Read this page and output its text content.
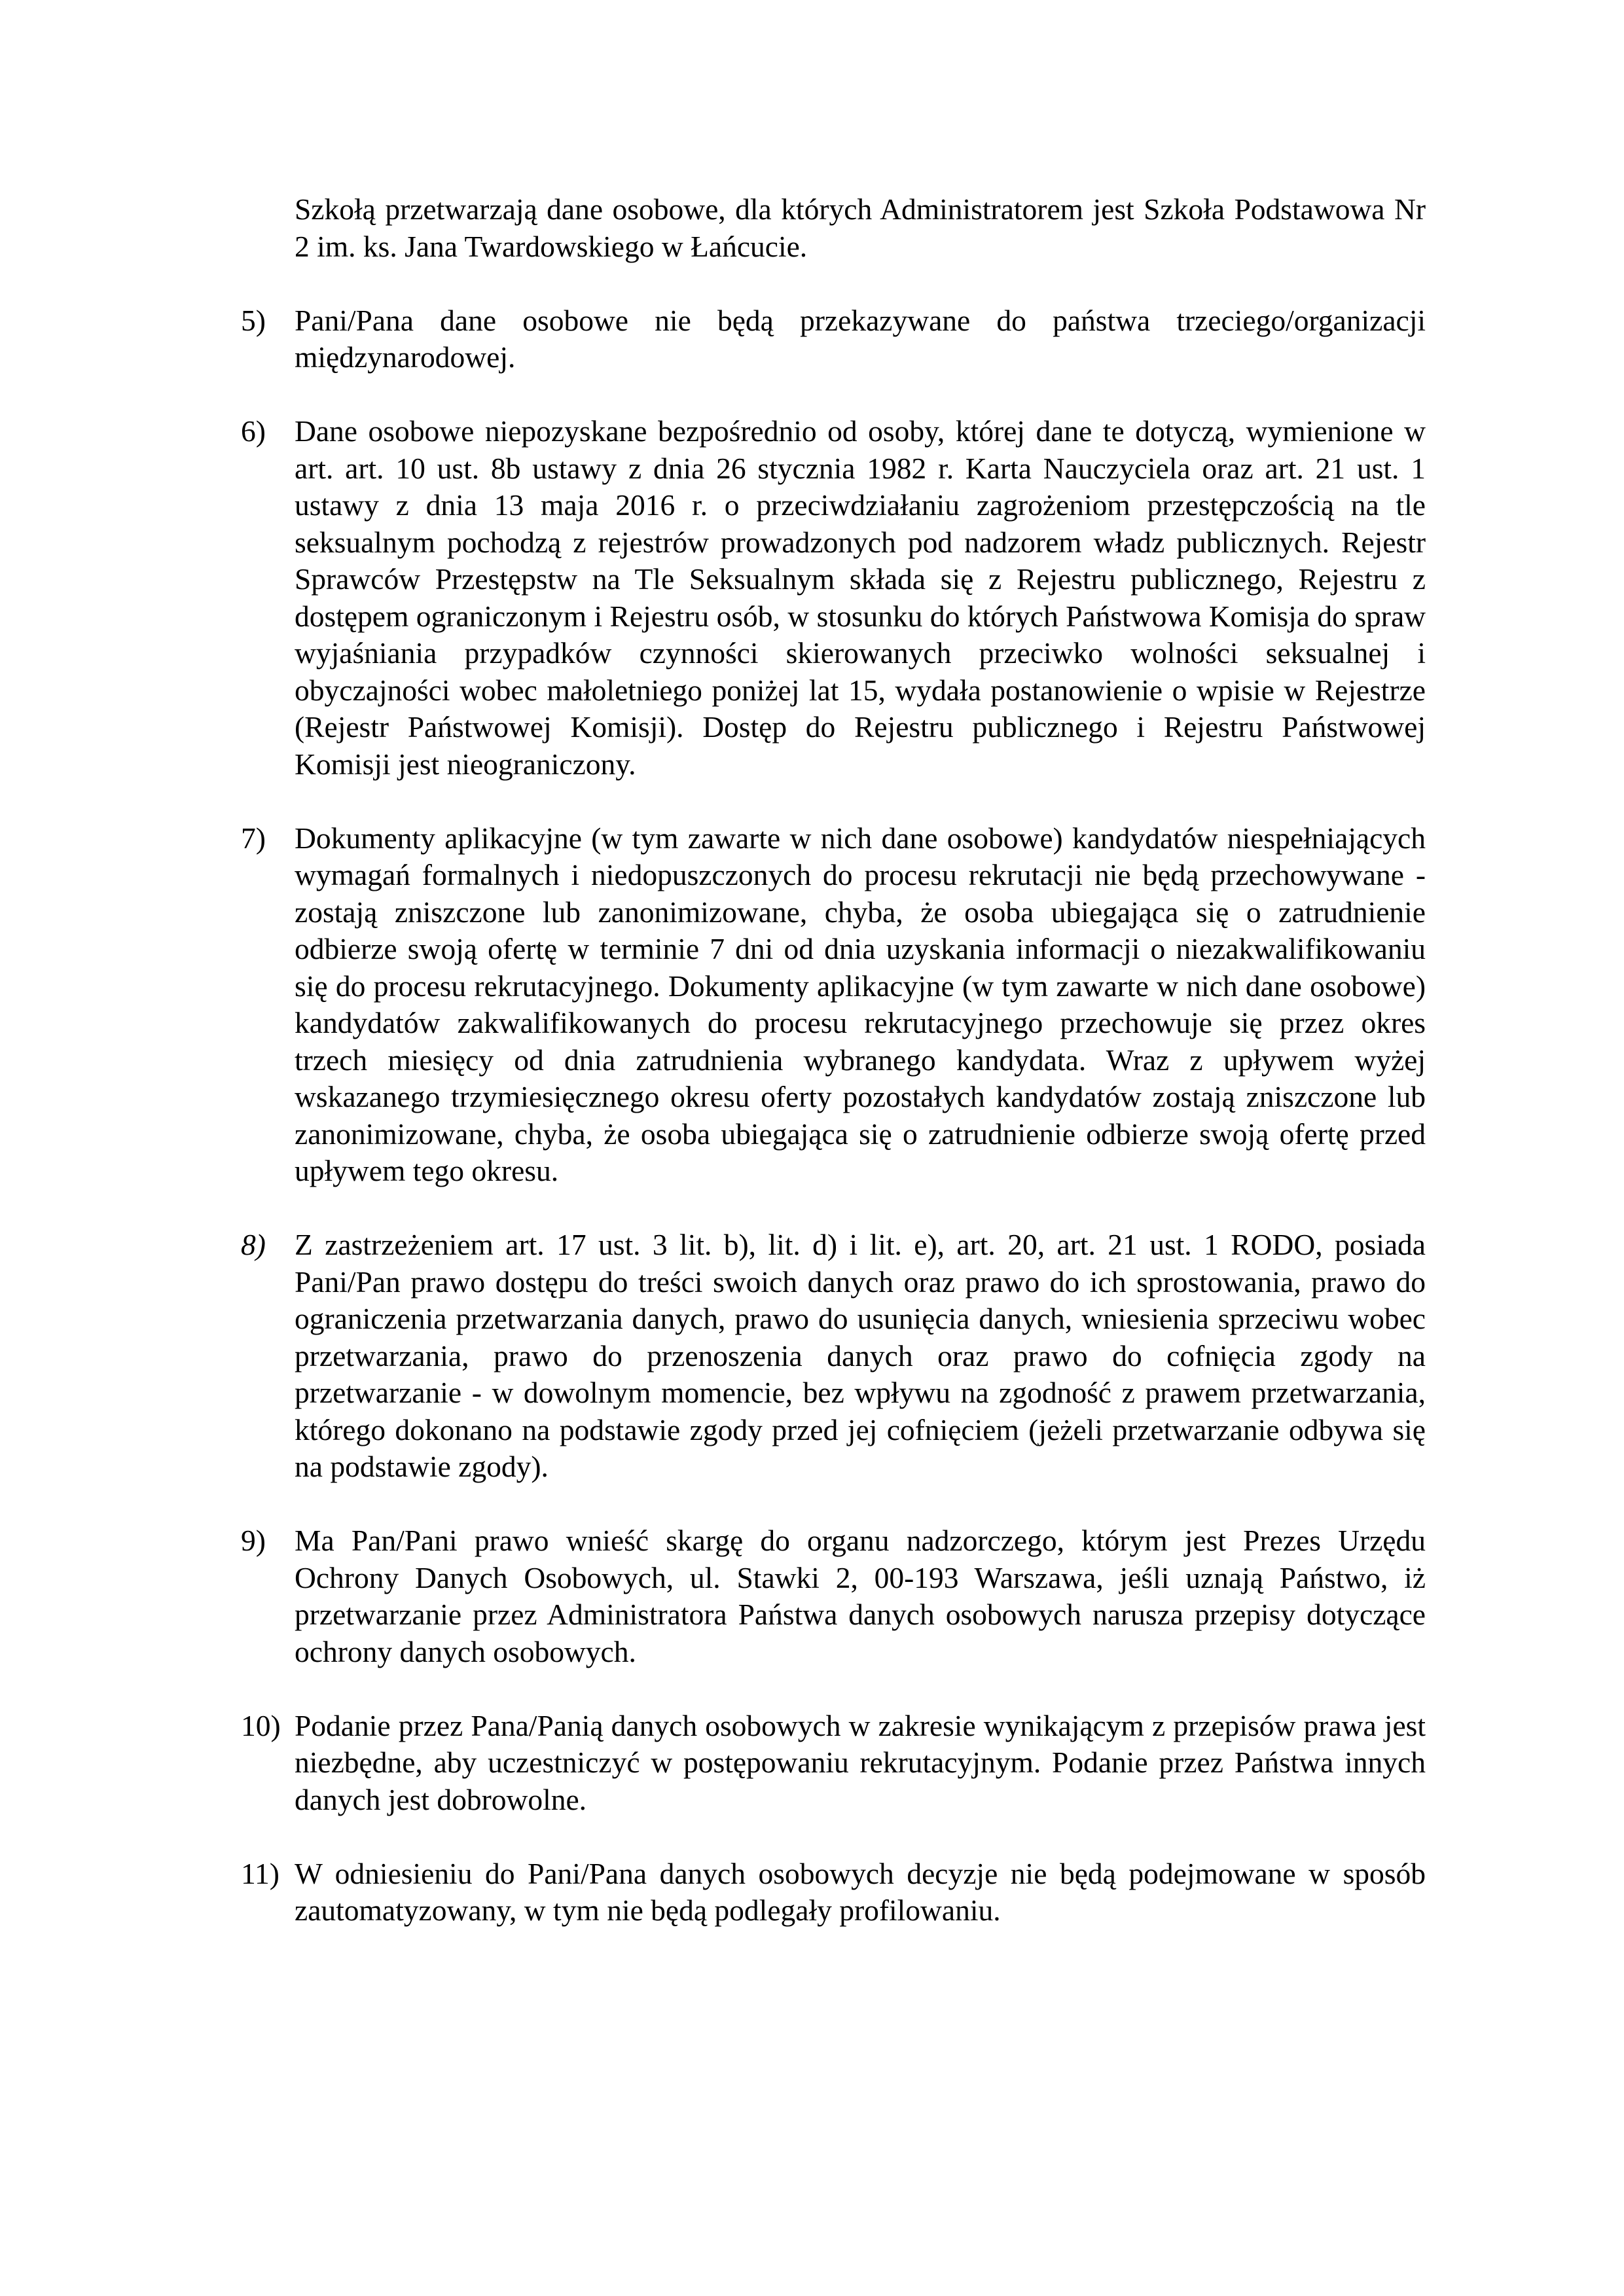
Szkołą przetwarzają dane osobowe, dla których Administratorem jest Szkoła Podstawowa Nr 2 im. ks. Jana Twardowskiego w Łańcucie.
5) Pani/Pana dane osobowe nie będą przekazywane do państwa trzeciego/organizacji międzynarodowej.
6) Dane osobowe niepozyskane bezpośrednio od osoby, której dane te dotyczą, wymienione w art. art. 10 ust. 8b ustawy z dnia 26 stycznia 1982 r. Karta Nauczyciela oraz art. 21 ust. 1 ustawy z dnia 13 maja 2016 r. o przeciwdziałaniu zagrożeniom przestępczością na tle seksualnym pochodzą z rejestrów prowadzonych pod nadzorem władz publicznych. Rejestr Sprawców Przestępstw na Tle Seksualnym składa się z Rejestru publicznego, Rejestru z dostępem ograniczonym i Rejestru osób, w stosunku do których Państwowa Komisja do spraw wyjaśniania przypadków czynności skierowanych przeciwko wolności seksualnej i obyczajności wobec małoletniego poniżej lat 15, wydała postanowienie o wpisie w Rejestrze (Rejestr Państwowej Komisji). Dostęp do Rejestru publicznego i Rejestru Państwowej Komisji jest nieograniczony.
7) Dokumenty aplikacyjne (w tym zawarte w nich dane osobowe) kandydatów niespełniających wymagań formalnych i niedopuszczonych do procesu rekrutacji nie będą przechowywane - zostają zniszczone lub zanonimizowane, chyba, że osoba ubiegająca się o zatrudnienie odbierze swoją ofertę w terminie 7 dni od dnia uzyskania informacji o niezakwalifikowaniu się do procesu rekrutacyjnego. Dokumenty aplikacyjne (w tym zawarte w nich dane osobowe) kandydatów zakwalifikowanych do procesu rekrutacyjnego przechowuje się przez okres trzech miesięcy od dnia zatrudnienia wybranego kandydata. Wraz z upływem wyżej wskazanego trzymiesięcznego okresu oferty pozostałych kandydatów zostają zniszczone lub zanonimizowane, chyba, że osoba ubiegająca się o zatrudnienie odbierze swoją ofertę przed upływem tego okresu.
8) Z zastrzeżeniem art. 17 ust. 3 lit. b), lit. d) i lit. e), art. 20, art. 21 ust. 1 RODO, posiada Pani/Pan prawo dostępu do treści swoich danych oraz prawo do ich sprostowania, prawo do ograniczenia przetwarzania danych, prawo do usunięcia danych, wniesienia sprzeciwu wobec przetwarzania, prawo do przenoszenia danych oraz prawo do cofnięcia zgody na przetwarzanie - w dowolnym momencie, bez wpływu na zgodność z prawem przetwarzania, którego dokonano na podstawie zgody przed jej cofnięciem (jeżeli przetwarzanie odbywa się na podstawie zgody).
9) Ma Pan/Pani prawo wnieść skargę do organu nadzorczego, którym jest Prezes Urzędu Ochrony Danych Osobowych, ul. Stawki 2, 00-193 Warszawa, jeśli uznają Państwo, iż przetwarzanie przez Administratora Państwa danych osobowych narusza przepisy dotyczące ochrony danych osobowych.
10) Podanie przez Pana/Panią danych osobowych w zakresie wynikającym z przepisów prawa jest niezbędne, aby uczestniczyć w postępowaniu rekrutacyjnym. Podanie przez Państwa innych danych jest dobrowolne.
11) W odniesieniu do Pani/Pana danych osobowych decyzje nie będą podejmowane w sposób zautomatyzowany, w tym nie będą podlegały profilowaniu.
